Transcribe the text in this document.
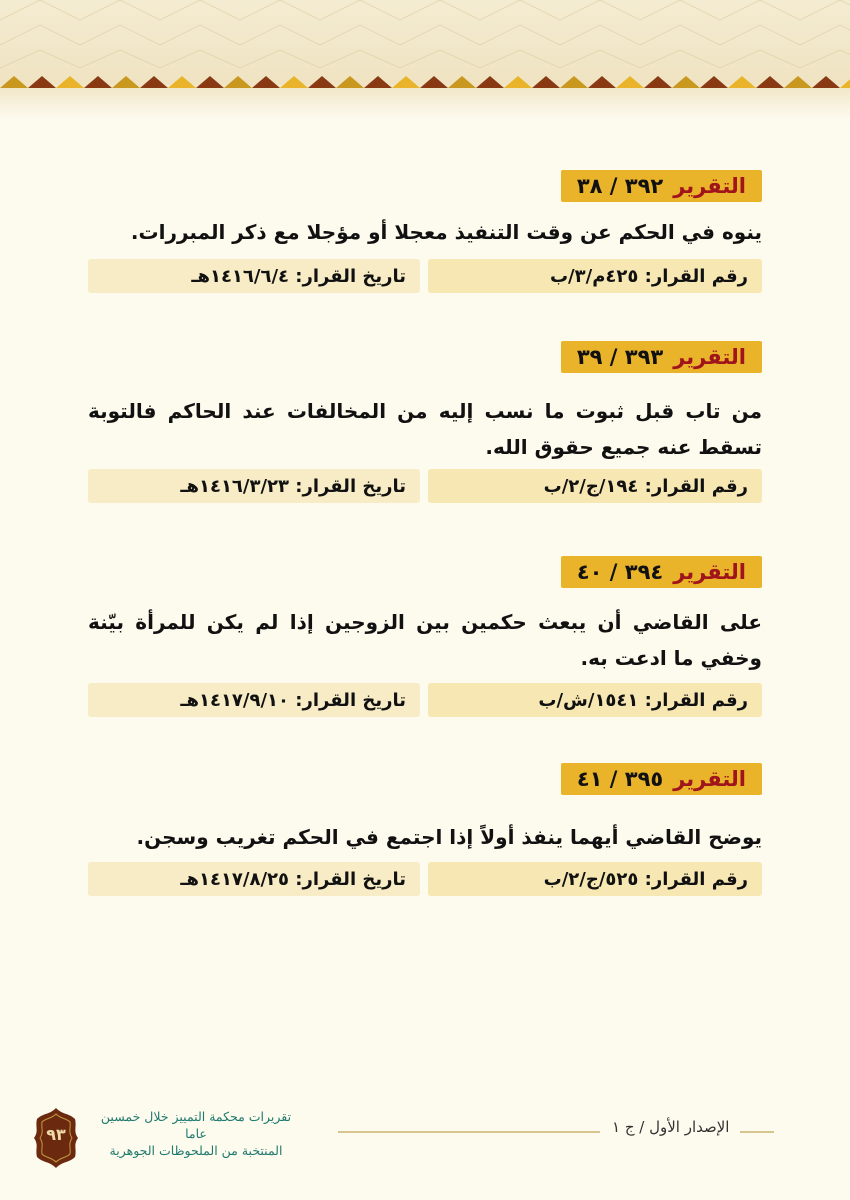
التقرير
٣٩٢ / ٣٨
ينوه في الحكم عن وقت التنفيذ معجلا أو مؤجلا مع ذكر المبررات.
رقم القرار: ٤٢٥م/٣/ب
تاريخ القرار: ١٤١٦/٦/٤هـ
التقرير
٣٩٣ / ٣٩
من تاب قبل ثبوت ما نسب إليه من المخالفات عند الحاكم فالتوبة تسقط عنه جميع حقوق الله.
رقم القرار: ١٩٤/ج/٢/ب
تاريخ القرار: ١٤١٦/٣/٢٣هـ
التقرير
٣٩٤ / ٤٠
على القاضي أن يبعث حكمين بين الزوجين إذا لم يكن للمرأة بيّنة وخفي ما ادعت به.
رقم القرار: ١٥٤١/ش/ب
تاريخ القرار: ١٤١٧/٩/١٠هـ
التقرير
٣٩٥ / ٤١
يوضح القاضي أيهما ينفذ أولاً إذا اجتمع في الحكم تغريب وسجن.
رقم القرار: ٥٢٥/ج/٢/ب
تاريخ القرار: ١٤١٧/٨/٢٥هـ
الإصدار الأول / ج ١
تقريرات محكمة التمييز خلال خمسين عاما
المنتخبة من الملحوظات الجوهرية
٩٣
